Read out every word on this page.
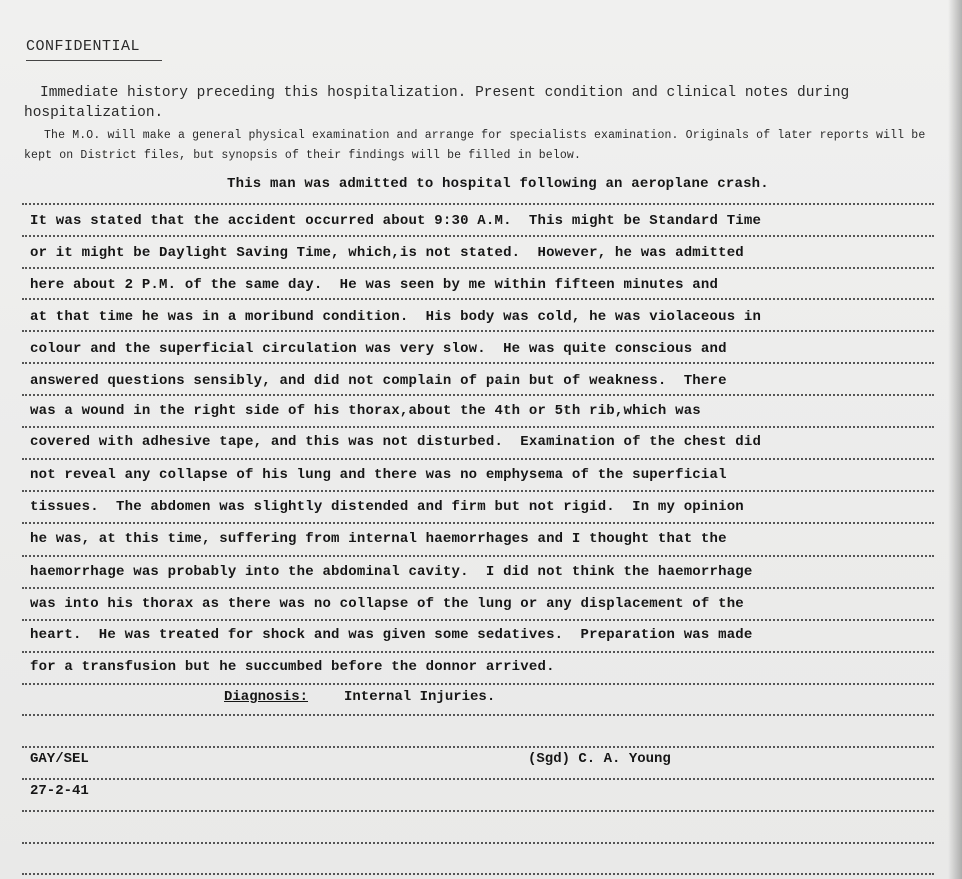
CONFIDENTIAL
Immediate history preceding this hospitalization. Present condition and clinical notes during hospitalization.
The M.O. will make a general physical examination and arrange for specialists examination. Originals of later reports will be kept on District files, but synopsis of their findings will be filled in below.
This man was admitted to hospital following an aeroplane crash.
It was stated that the accident occurred about 9:30 A.M.  This might be Standard Time
or it might be Daylight Saving Time, which,is not stated.  However, he was admitted
here about 2 P.M. of the same day.  He was seen by me within fifteen minutes and
at that time he was in a moribund condition.  His body was cold, he was violaceous in
colour and the superficial circulation was very slow.  He was quite conscious and
answered questions sensibly, and did not complain of pain but of weakness.  There
was a wound in the right side of his thorax,about the 4th or 5th rib,which was
covered with adhesive tape, and this was not disturbed.  Examination of the chest did
not reveal any collapse of his lung and there was no emphysema of the superficial
tissues.  The abdomen was slightly distended and firm but not rigid.  In my opinion
he was, at this time, suffering from internal haemorrhages and I thought that the
haemorrhage was probably into the abdominal cavity.  I did not think the haemorrhage
was into his thorax as there was no collapse of the lung or any displacement of the
heart.  He was treated for shock and was given some sedatives.  Preparation was made
for a transfusion but he succumbed before the donnor arrived.
Diagnosis:	Internal Injuries.
GAY/SEL	(Sgd) C. A. Young
27-2-41
